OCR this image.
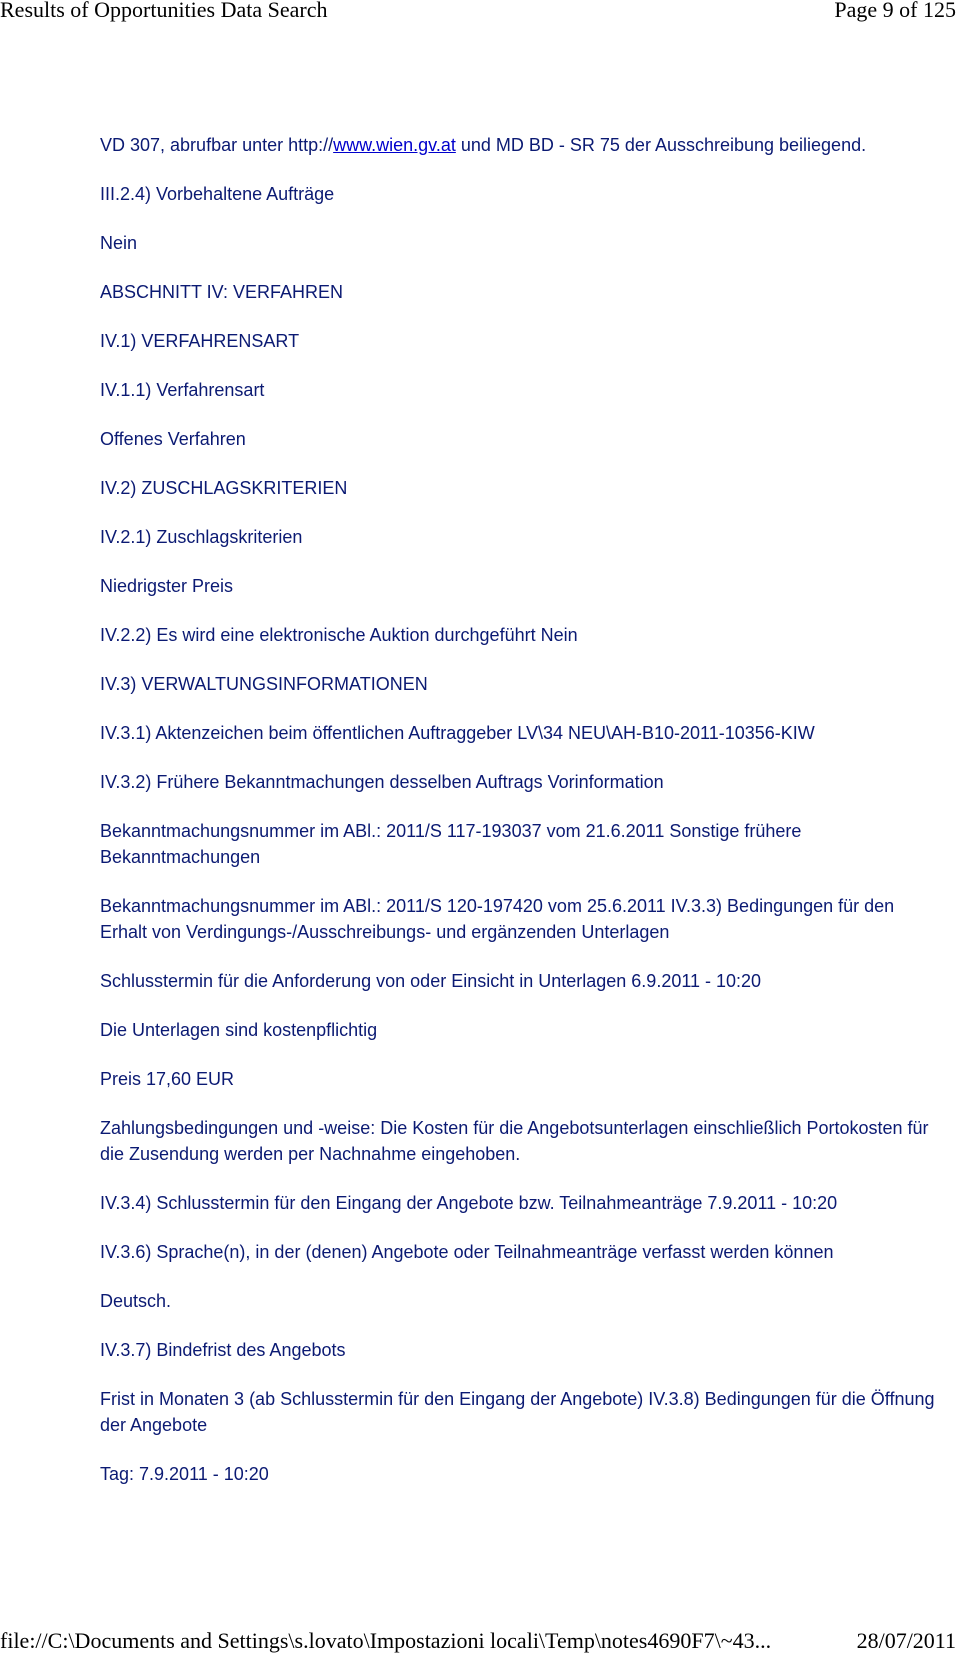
Results of Opportunities Data Search	Page 9 of 125

VD 307, abrufbar unter http://www.wien.gv.at und MD BD - SR 75 der Ausschreibung beiliegend.

III.2.4) Vorbehaltene Aufträge

Nein

ABSCHNITT IV: VERFAHREN

IV.1) VERFAHRENSART

IV.1.1) Verfahrensart

Offenes Verfahren

IV.2) ZUSCHLAGSKRITERIEN

IV.2.1) Zuschlagskriterien

Niedrigster Preis

IV.2.2) Es wird eine elektronische Auktion durchgeführt Nein

IV.3) VERWALTUNGSINFORMATIONEN

IV.3.1) Aktenzeichen beim öffentlichen Auftraggeber LV\34 NEU\AH-B10-2011-10356-KIW

IV.3.2) Frühere Bekanntmachungen desselben Auftrags Vorinformation

Bekanntmachungsnummer im ABl.: 2011/S 117-193037 vom 21.6.2011 Sonstige frühere Bekanntmachungen

Bekanntmachungsnummer im ABl.: 2011/S 120-197420 vom 25.6.2011 IV.3.3) Bedingungen für den Erhalt von Verdingungs-/Ausschreibungs- und ergänzenden Unterlagen

Schlusstermin für die Anforderung von oder Einsicht in Unterlagen 6.9.2011 - 10:20

Die Unterlagen sind kostenpflichtig

Preis 17,60 EUR

Zahlungsbedingungen und -weise: Die Kosten für die Angebotsunterlagen einschließlich Portokosten für die Zusendung werden per Nachnahme eingehoben.

IV.3.4) Schlusstermin für den Eingang der Angebote bzw. Teilnahmeanträge 7.9.2011 - 10:20

IV.3.6) Sprache(n), in der (denen) Angebote oder Teilnahmeanträge verfasst werden können

Deutsch.

IV.3.7) Bindefrist des Angebots

Frist in Monaten 3 (ab Schlusstermin für den Eingang der Angebote) IV.3.8) Bedingungen für die Öffnung der Angebote

Tag: 7.9.2011 - 10:20

file://C:\Documents and Settings\s.lovato\Impostazioni locali\Temp\notes4690F7\~43...	28/07/2011
